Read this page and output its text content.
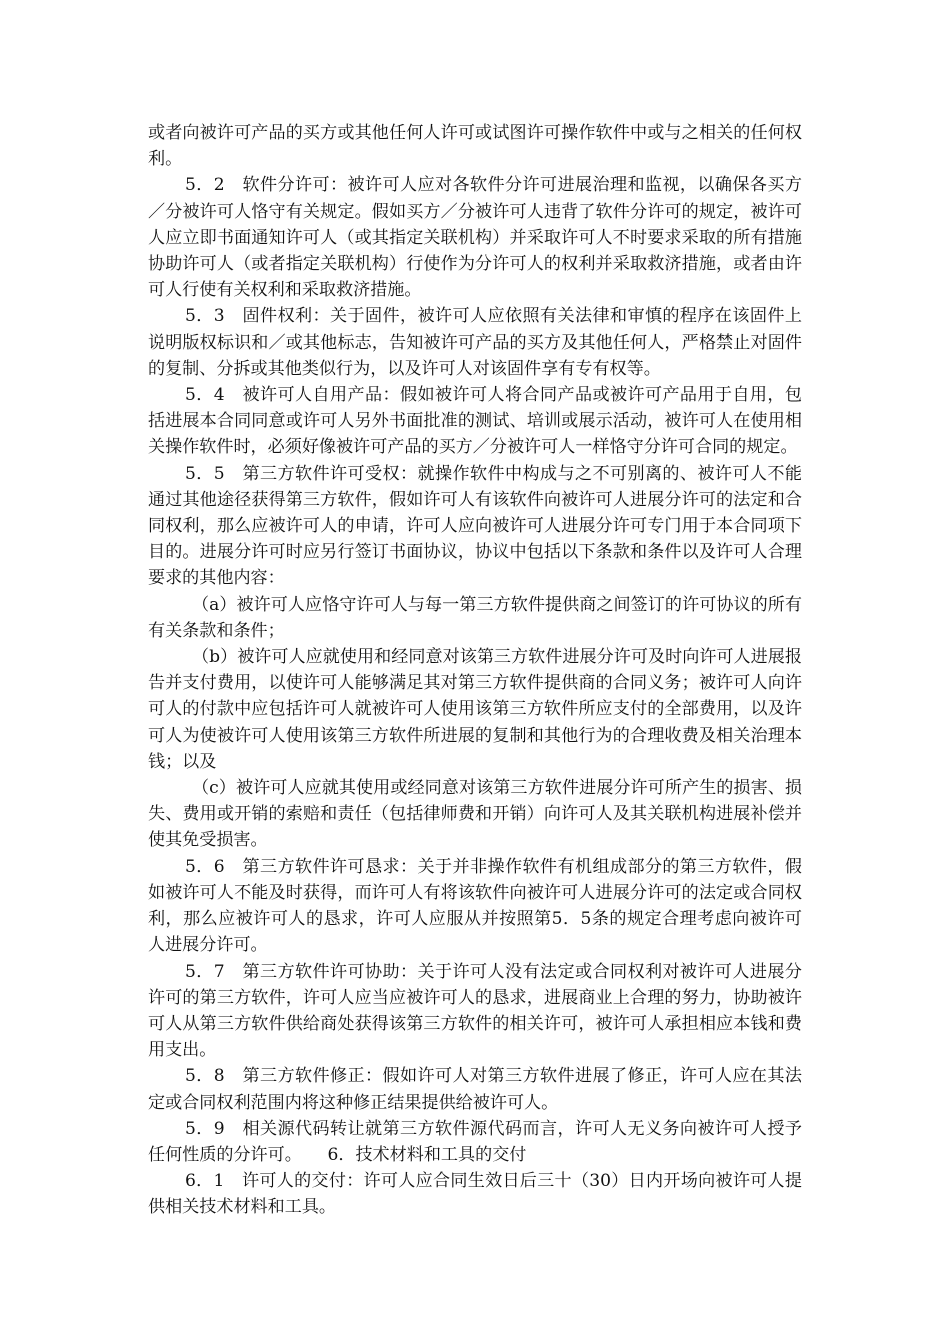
或者向被许可产品的买方或其他任何人许可或试图许可操作软件中或与之相关的任何权利。

5．2　软件分许可：被许可人应对各软件分许可进展治理和监视，以确保各买方／分被许可人恪守有关规定。假如买方／分被许可人违背了软件分许可的规定，被许可人应立即书面通知许可人（或其指定关联机构）并采取许可人不时要求采取的所有措施协助许可人（或者指定关联机构）行使作为分许可人的权利并采取救济措施，或者由许可人行使有关权利和采取救济措施。

5．3　固件权利：关于固件，被许可人应依照有关法律和审慎的程序在该固件上说明版权标识和／或其他标志，告知被许可产品的买方及其他任何人，严格禁止对固件的复制、分拆或其他类似行为，以及许可人对该固件享有专有权等。

5．4　被许可人自用产品：假如被许可人将合同产品或被许可产品用于自用，包括进展本合同同意或许可人另外书面批准的测试、培训或展示活动，被许可人在使用相关操作软件时，必须好像被许可产品的买方／分被许可人一样恪守分许可合同的规定。

5．5　第三方软件许可受权：就操作软件中构成与之不可别离的、被许可人不能通过其他途径获得第三方软件，假如许可人有该软件向被许可人进展分许可的法定和合同权利，那么应被许可人的申请，许可人应向被许可人进展分许可专门用于本合同项下目的。进展分许可时应另行签订书面协议，协议中包括以下条款和条件以及许可人合理要求的其他内容：

（a）被许可人应恪守许可人与每一第三方软件提供商之间签订的许可协议的所有有关条款和条件；

（b）被许可人应就使用和经同意对该第三方软件进展分许可及时向许可人进展报告并支付费用，以使许可人能够满足其对第三方软件提供商的合同义务；被许可人向许可人的付款中应包括许可人就被许可人使用该第三方软件所应支付的全部费用，以及许可人为使被许可人使用该第三方软件所进展的复制和其他行为的合理收费及相关治理本钱；以及

（c）被许可人应就其使用或经同意对该第三方软件进展分许可所产生的损害、损失、费用或开销的索赔和责任（包括律师费和开销）向许可人及其关联机构进展补偿并使其免受损害。

5．6　第三方软件许可恳求：关于并非操作软件有机组成部分的第三方软件，假如被许可人不能及时获得，而许可人有将该软件向被许可人进展分许可的法定或合同权利，那么应被许可人的恳求，许可人应服从并按照第5．5条的规定合理考虑向被许可人进展分许可。

5．7　第三方软件许可协助：关于许可人没有法定或合同权利对被许可人进展分许可的第三方软件，许可人应当应被许可人的恳求，进展商业上合理的努力，协助被许可人从第三方软件供给商处获得该第三方软件的相关许可，被许可人承担相应本钱和费用支出。

5．8　第三方软件修正：假如许可人对第三方软件进展了修正，许可人应在其法定或合同权利范围内将这种修正结果提供给被许可人。

5．9　相关源代码转让就第三方软件源代码而言，许可人无义务向被许可人授予任何性质的分许可。　　6．技术材料和工具的交付

6．1　许可人的交付：许可人应合同生效日后三十（30）日内开场向被许可人提供相关技术材料和工具。
